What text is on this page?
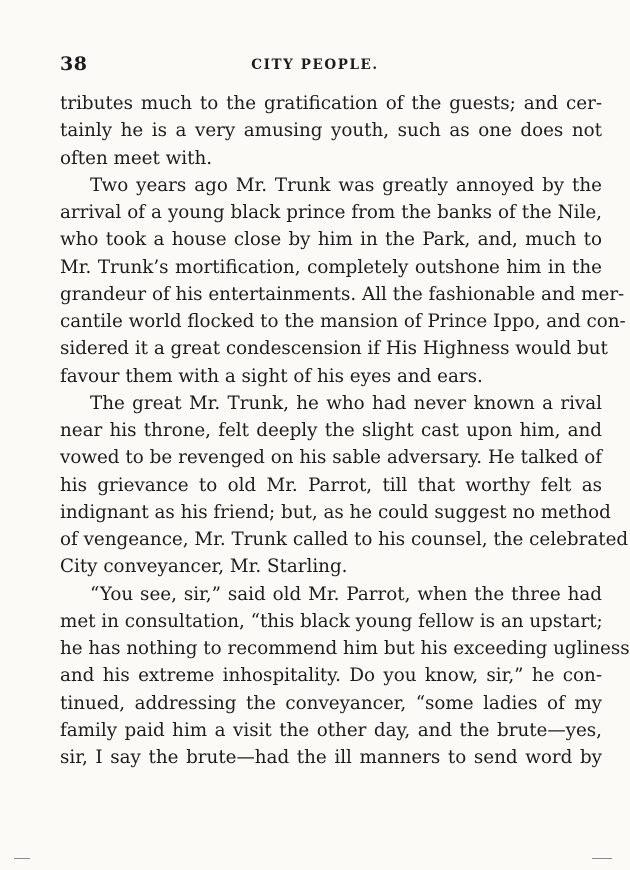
38	CITY PEOPLE.
tributes much to the gratification of the guests; and cer-
tainly he is a very amusing youth, such as one does not
often meet with.
Two years ago Mr. Trunk was greatly annoyed by the
arrival of a young black prince from the banks of the Nile,
who took a house close by him in the Park, and, much to
Mr. Trunk’s mortification, completely outshone him in the
grandeur of his entertainments. All the fashionable and mer-
cantile world flocked to the mansion of Prince Ippo, and con-
sidered it a great condescension if His Highness would but
favour them with a sight of his eyes and ears.
The great Mr. Trunk, he who had never known a rival
near his throne, felt deeply the slight cast upon him, and
vowed to be revenged on his sable adversary. He talked of
his grievance to old Mr. Parrot, till that worthy felt as
indignant as his friend; but, as he could suggest no method
of vengeance, Mr. Trunk called to his counsel, the celebrated
City conveyancer, Mr. Starling.
“You see, sir,” said old Mr. Parrot, when the three had
met in consultation, “this black young fellow is an upstart;
he has nothing to recommend him but his exceeding ugliness
and his extreme inhospitality. Do you know, sir,” he con-
tinued, addressing the conveyancer, “some ladies of my
family paid him a visit the other day, and the brute—yes,
sir, I say the brute—had the ill manners to send word by
